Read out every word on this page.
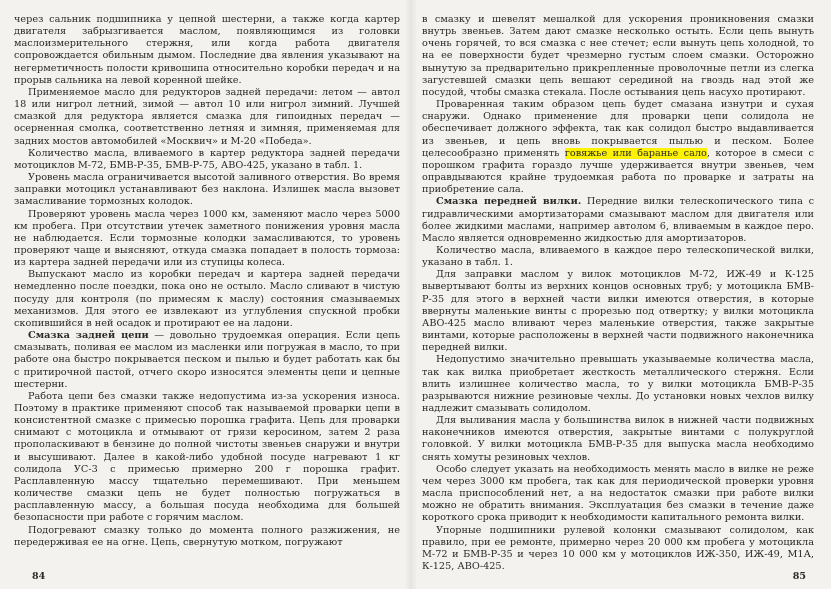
через сальник подшипника у цепной шестерни, а также когда картер двигателя забрызгивается маслом, появляющимся из головки маслоизмерительного стержня, или когда работа двигателя сопровождается обильным дымом. Последние два явления указывают на негерметичность полости кривошипа относительно коробки передач и на прорыв сальника на левой коренной шейке.

Применяемое масло для редукторов задней передачи: летом — автол 18 или нигрол летний, зимой — автол 10 или нигрол зимний. Лучшей смазкой для редуктора является смазка для гипоидных передач — осерненная смолка, соответственно летняя и зимняя, применяемая для задних мостов автомобилей «Москвич» и М-20 «Победа».

Количество масла, вливаемого в картер редуктора задней передачи мотоциклов М-72, БМВ-Р-35, БМВ-Р-75, АВО-425, указано в табл. 1.

Уровень масла ограничивается высотой заливного отверстия. Во время заправки мотоцикл устанавливают без наклона. Излишек масла вызовет замасливание тормозных колодок.

Проверяют уровень масла через 1000 км, заменяют масло через 5000 км пробега. При отсутствии утечек заметного понижения уровня масла не наблюдается. Если тормозные колодки замасливаются, то уровень проверяют чаще и выясняют, откуда смазка попадает в полость тормоза: из картера задней передачи или из ступицы колеса.

Выпускают масло из коробки передач и картера задней передачи немедленно после поездки, пока оно не остыло. Масло сливают в чистую посуду для контроля (по примесям к маслу) состояния смазываемых механизмов. Для этого ее извлекают из углубления спускной пробки скопившийся в ней осадок и протирают ее на ладони.

Смазка задней цепи — довольно трудоемкая операция. Если цепь смазывать, поливая ее маслом из масленки или погружая в масло, то при работе она быстро покрывается песком и пылью и будет работать как бы с притирочной пастой, отчего скоро износятся элементы цепи и цепные шестерни.

Работа цепи без смазки также недопустима из-за ускорения износа. Поэтому в практике применяют способ так называемой проварки цепи в консистентной смазке с примесью порошка графита. Цепь для проварки снимают с мотоцикла и отмывают от грязи керосином, затем 2 раза прополаскивают в бензине до полной чистоты звеньев снаружи и внутри и высушивают. Далее в какой-либо удобной посуде нагревают 1 кг солидола УС-3 с примесью примерно 200 г порошка графит. Расплавленную массу тщательно перемешивают. При меньшем количестве смазки цепь не будет полностью погружаться в расплавленную массу, а большая посуда необходима для большей безопасности при работе с горячим маслом.

Подогревают смазку только до момента полного разжижения, не передерживая ее на огне. Цепь, свернутую мотком, погружают

84

в смазку и шевелят мешалкой для ускорения проникновения смазки внутрь звеньев. Затем дают смазке несколько остыть. Если цепь вынуть очень горячей, то вся смазка с нее стечет; если вынуть цепь холодной, то на ее поверхности будет чрезмерно густым слоем смазки. Осторожно вынутую за предварительно прикрепленные проволочные петли из слегка загустевшей смазки цепь вешают серединой на гвоздь над этой же посудой, чтобы смазка стекала. После остывания цепь насухо протирают.

Проваренная таким образом цепь будет смазана изнутри и сухая снаружи. Однако применение для проварки цепи солидола не обеспечивает должного эффекта, так как солидол быстро выдавливается из звеньев, и цепь вновь покрывается пылью и песком. Более целесообразно применять говяжье или баранье сало, которое в смеси с порошком графита гораздо лучше удерживается внутри звеньев, чем оправдываются крайне трудоемкая работа по проварке и затраты на приобретение сала.

Смазка передней вилки. Передние вилки телескопического типа с гидравлическими амортизаторами смазывают маслом для двигателя или более жидкими маслами, например автолом 6, вливаемым в каждое перо. Масло является одновременно жидкостью для амортизаторов.

Количество масла, вливаемого в каждое перо телескопической вилки, указано в табл. 1.

Для заправки маслом у вилок мотоциклов М-72, ИЖ-49 и К-125 вывертывают болты из верхних концов основных труб; у мотоцикла БМВ-Р-35 для этого в верхней части вилки имеются отверстия, в которые ввернуты маленькие винты с прорезью под отвертку; у вилки мотоцикла АВО-425 масло вливают через маленькие отверстия, также закрытые винтами, которые расположены в верхней части подвижного наконечника передней вилки.

Недопустимо значительно превышать указываемые количества масла, так как вилка приобретает жесткость металлического стержня. Если влить излишнее количество масла, то у вилки мотоцикла БМВ-Р-35 разрываются нижние резиновые чехлы. До установки новых чехлов вилку надлежит смазывать солидолом.

Для выливания масла у большинства вилок в нижней части подвижных наконечников имеются отверстия, закрытые винтами с полукруглой головкой. У вилки мотоцикла БМВ-Р-35 для выпуска масла необходимо снять хомуты резиновых чехлов.

Особо следует указать на необходимость менять масло в вилке не реже чем через 3000 км пробега, так как для периодической проверки уровня масла приспособлений нет, а на недостаток смазки при работе вилки можно не обратить внимания. Эксплуатация без смазки в течение даже короткого срока приводит к необходимости капитального ремонта вилки.

Упорные подшипники рулевой колонки смазывают солидолом, как правило, при ее ремонте, примерно через 20 000 км пробега у мотоцикла М-72 и БМВ-Р-35 и через 10 000 км у мотоциклов ИЖ-350, ИЖ-49, М1А, К-125, АВО-425.

85
